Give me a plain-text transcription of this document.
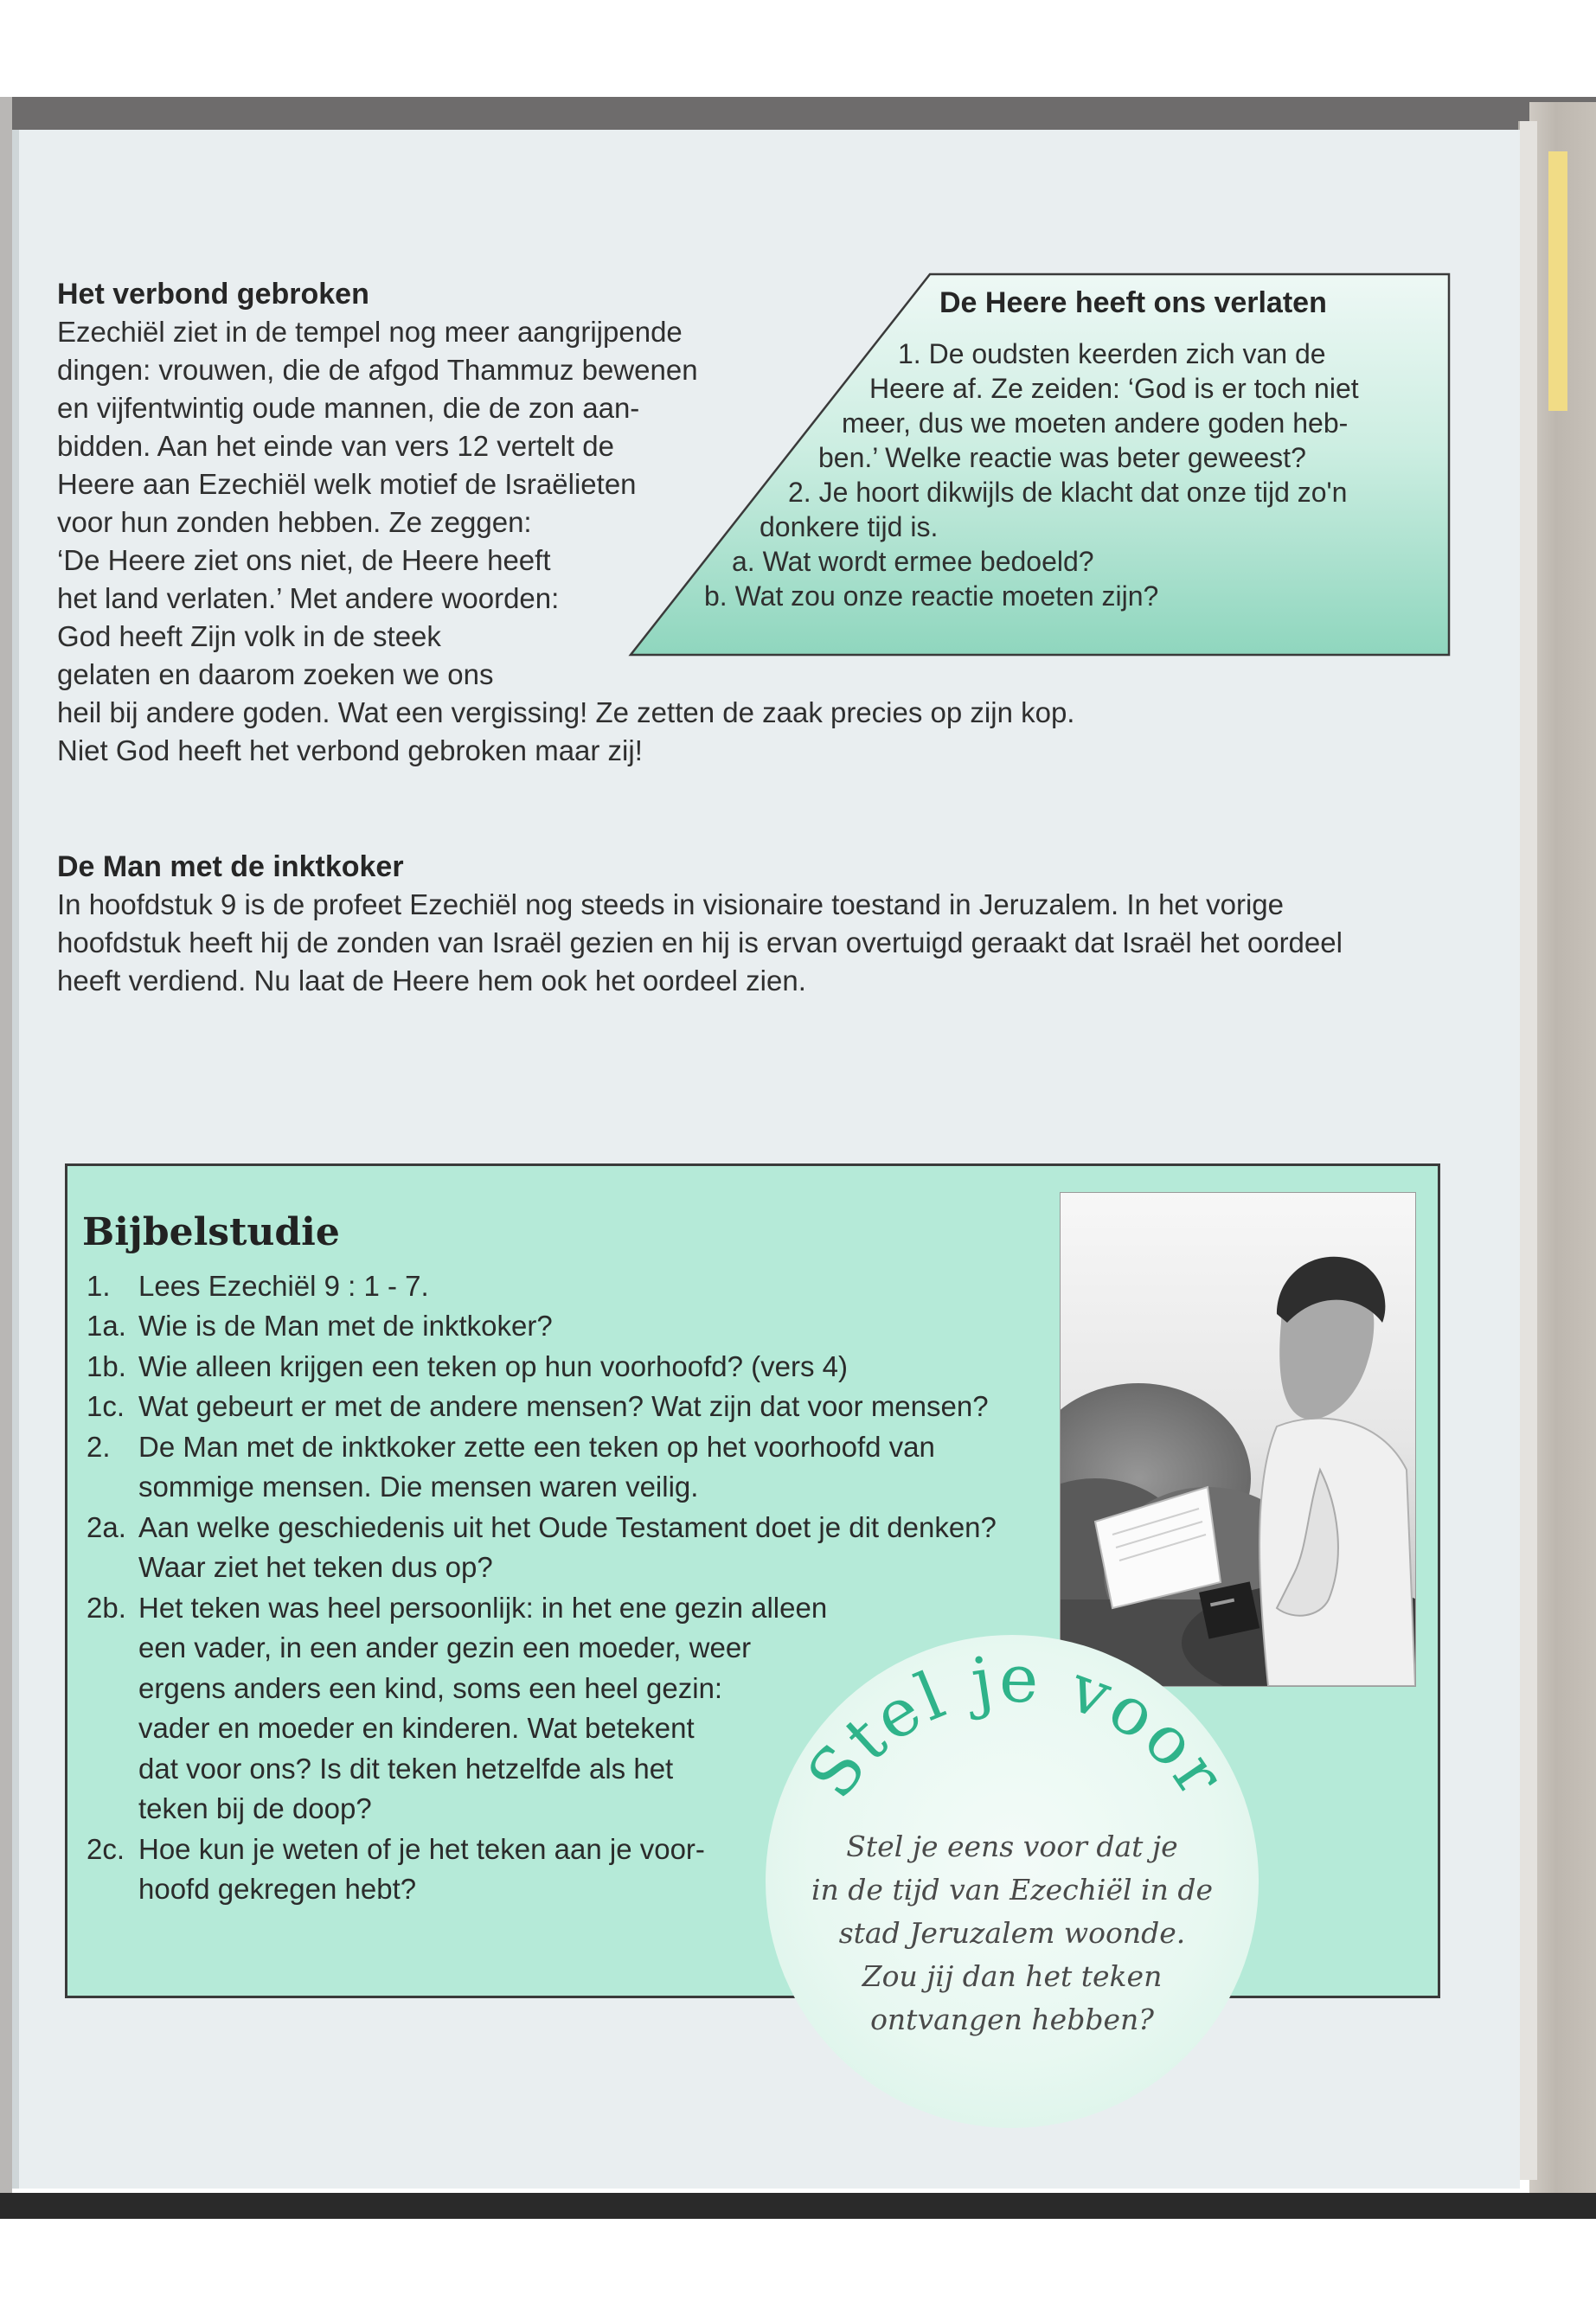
Het verbond gebroken

Ezechiël ziet in de tempel nog meer aangrijpende

dingen: vrouwen, die de afgod Thammuz bewenen

en vijfentwintig oude mannen, die de zon aan-

bidden. Aan het einde van vers 12 vertelt de

Heere aan Ezechiël welk motief de Israëlieten

voor hun zonden hebben. Ze zeggen:

‘De Heere ziet ons niet, de Heere heeft

het land verlaten.’ Met andere woorden:

God heeft Zijn volk in de steek

gelaten en daarom zoeken we ons

heil bij andere goden. Wat een vergissing! Ze zetten de zaak precies op zijn kop.

Niet God heeft het verbond gebroken maar zij!

De Heere heeft ons verlaten
1. De oudsten keerden zich van de
Heere af. Ze zeiden: ‘God is er toch niet
meer, dus we moeten andere goden heb-
ben.’ Welke reactie was beter geweest?
2. Je hoort dikwijls de klacht dat onze tijd zo'n
donkere tijd is.
a. Wat wordt ermee bedoeld?
b. Wat zou onze reactie moeten zijn?
De Man met de inktkoker

In hoofdstuk 9 is de profeet Ezechiël nog steeds in visionaire toestand in Jeruzalem. In het vorige

hoofdstuk heeft hij de zonden van Israël gezien en hij is ervan overtuigd geraakt dat Israël het oordeel

heeft verdiend. Nu laat de Heere hem ook het oordeel zien.

Bijbelstudie
1. Lees Ezechiël 9 : 1 - 7.
1a. Wie is de Man met de inktkoker?
1b. Wie alleen krijgen een teken op hun voorhoofd? (vers 4)
1c. Wat gebeurt er met de andere mensen? Wat zijn dat voor mensen?
2. De Man met de inktkoker zette een teken op het voorhoofd van
sommige mensen. Die mensen waren veilig.
2a. Aan welke geschiedenis uit het Oude Testament doet je dit denken?
Waar ziet het teken dus op?
2b. Het teken was heel persoonlijk: in het ene gezin alleen
een vader, in een ander gezin een moeder, weer
ergens anders een kind, soms een heel gezin:
vader en moeder en kinderen. Wat betekent
dat voor ons? Is dit teken hetzelfde als het
teken bij de doop?
2c. Hoe kun je weten of je het teken aan je voor-
hoofd gekregen hebt?
Stel je voor
Stel je eens voor dat je
in de tijd van Ezechiël in de
stad Jeruzalem woonde.
Zou jij dan het teken
ontvangen hebben?
